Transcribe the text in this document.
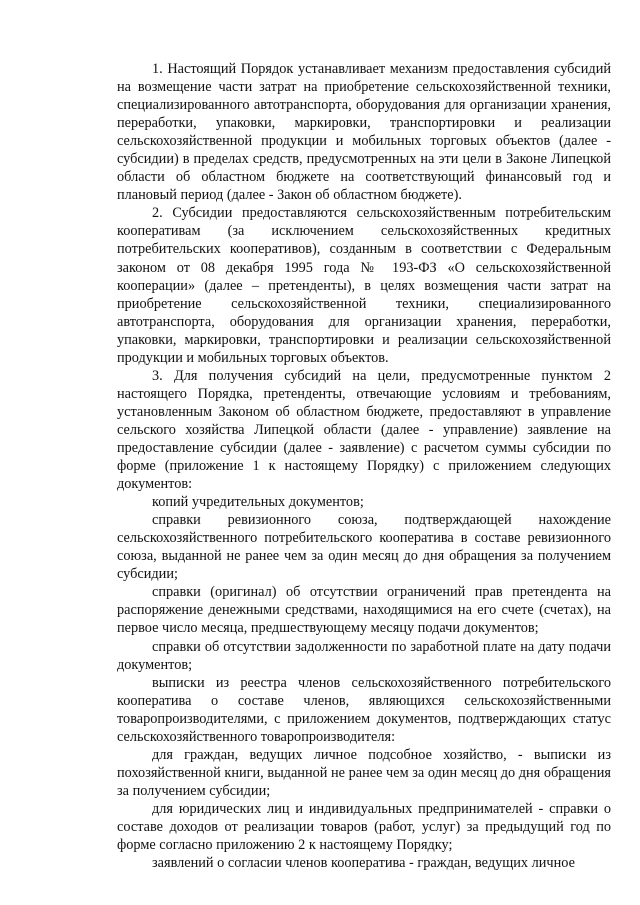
1. Настоящий Порядок устанавливает механизм предоставления субсидий на возмещение части затрат на приобретение сельскохозяйственной техники, специализированного автотранспорта, оборудования для организации хранения, переработки, упаковки, маркировки, транспортировки и реализации сельскохозяйственной продукции и мобильных торговых объектов (далее - субсидии) в пределах средств, предусмотренных на эти цели в Законе Липецкой области об областном бюджете на соответствующий финансовый год и плановый период (далее - Закон об областном бюджете).

2. Субсидии предоставляются сельскохозяйственным потребительским кооперативам (за исключением сельскохозяйственных кредитных потребительских кооперативов), созданным в соответствии с Федеральным законом от 08 декабря 1995 года № 193-ФЗ «О сельскохозяйственной кооперации» (далее – претенденты), в целях возмещения части затрат на приобретение сельскохозяйственной техники, специализированного автотранспорта, оборудования для организации хранения, переработки, упаковки, маркировки, транспортировки и реализации сельскохозяйственной продукции и мобильных торговых объектов.

3. Для получения субсидий на цели, предусмотренные пунктом 2 настоящего Порядка, претенденты, отвечающие условиям и требованиям, установленным Законом об областном бюджете, предоставляют в управление сельского хозяйства Липецкой области (далее - управление) заявление на предоставление субсидии (далее - заявление) с расчетом суммы субсидии по форме (приложение 1 к настоящему Порядку) с приложением следующих документов:

копий учредительных документов;

справки ревизионного союза, подтверждающей нахождение сельскохозяйственного потребительского кооператива в составе ревизионного союза, выданной не ранее чем за один месяц до дня обращения за получением субсидии;

справки (оригинал) об отсутствии ограничений прав претендента на распоряжение денежными средствами, находящимися на его счете (счетах), на первое число месяца, предшествующему месяцу подачи документов;

справки об отсутствии задолженности по заработной плате на дату подачи документов;

выписки из реестра членов сельскохозяйственного потребительского кооператива о составе членов, являющихся сельскохозяйственными товаропроизводителями, с приложением документов, подтверждающих статус сельскохозяйственного товаропроизводителя:

для граждан, ведущих личное подсобное хозяйство, - выписки из похозяйственной книги, выданной не ранее чем за один месяц до дня обращения за получением субсидии;

для юридических лиц и индивидуальных предпринимателей - справки о составе доходов от реализации товаров (работ, услуг) за предыдущий год по форме согласно приложению 2 к настоящему Порядку;

заявлений о согласии членов кооператива - граждан, ведущих личное
